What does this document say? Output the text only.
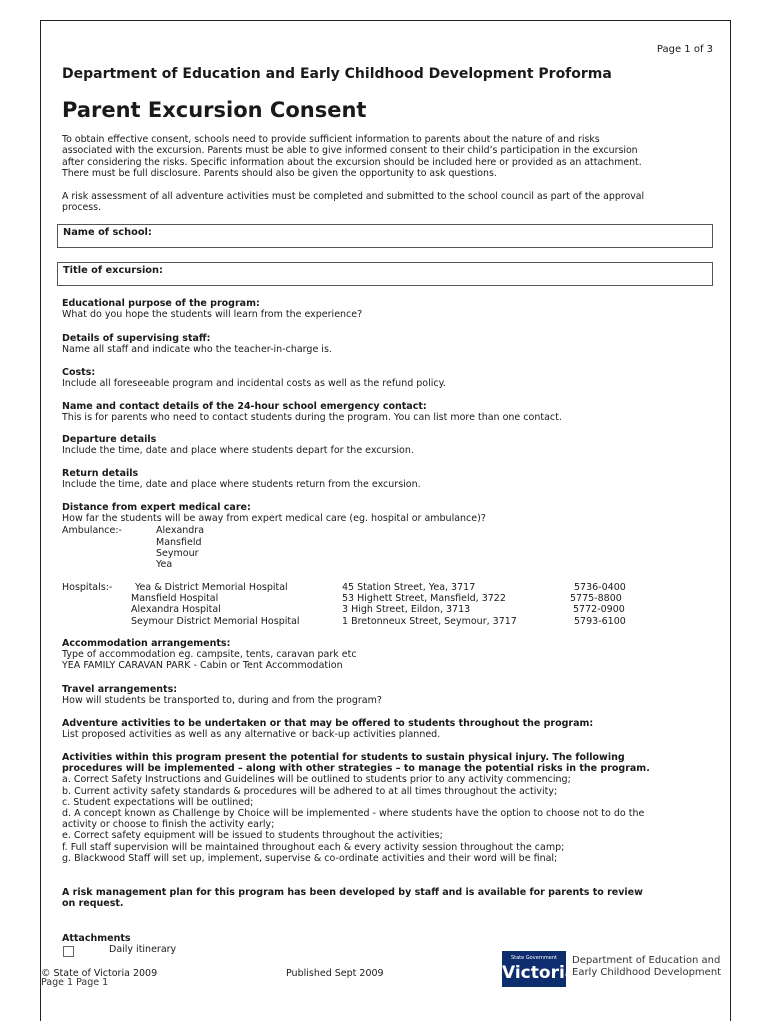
Page 1 of 3
Department of Education and Early Childhood Development Proforma
Parent Excursion Consent
To obtain effective consent, schools need to provide sufficient information to parents about the nature of and risks
associated with the excursion. Parents must be able to give informed consent to their child’s participation in the excursion
after considering the risks. Specific information about the excursion should be included here or provided as an attachment.
There must be full disclosure. Parents should also be given the opportunity to ask questions.
A risk assessment of all adventure activities must be completed and submitted to the school council as part of the approval
process.
Name of school:
Title of excursion:
Educational purpose of the program:
What do you hope the students will learn from the experience?
Details of supervising staff:
Name all staff and indicate who the teacher-in-charge is.
Costs:
Include all foreseeable program and incidental costs as well as the refund policy.
Name and contact details of the 24-hour school emergency contact:
This is for parents who need to contact students during the program. You can list more than one contact.
Departure details
Include the time, date and place where students depart for the excursion.
Return details
Include the time, date and place where students return from the excursion.
Distance from expert medical care:
How far the students will be away from expert medical care (eg. hospital or ambulance)?
Ambulance:-	Alexandra
Mansfield
Seymour
Yea
Hospitals:- Yea & District Memorial Hospital	45 Station Street, Yea, 3717	5736-0400
Mansfield Hospital	53 Highett Street, Mansfield, 3722	5775-8800
Alexandra Hospital	3 High Street, Eildon, 3713	5772-0900
Seymour District Memorial Hospital	1 Bretonneux Street, Seymour, 3717	5793-6100
Accommodation arrangements:
Type of accommodation eg. campsite, tents, caravan park etc
YEA FAMILY CARAVAN PARK - Cabin or Tent Accommodation
Travel arrangements:
How will students be transported to, during and from the program?
Adventure activities to be undertaken or that may be offered to students throughout the program:
List proposed activities as well as any alternative or back-up activities planned.
Activities within this program present the potential for students to sustain physical injury. The following
procedures will be implemented – along with other strategies – to manage the potential risks in the program.
a. Correct Safety Instructions and Guidelines will be outlined to students prior to any activity commencing;
b. Current activity safety standards & procedures will be adhered to at all times throughout the activity;
c. Student expectations will be outlined;
d. A concept known as Challenge by Choice will be implemented - where students have the option to choose not to do the
activity or choose to finish the activity early;
e. Correct safety equipment will be issued to students throughout the activities;
f. Full staff supervision will be maintained throughout each & every activity session throughout the camp;
g. Blackwood Staff will set up, implement, supervise & co-ordinate activities and their word will be final;
A risk management plan for this program has been developed by staff and is available for parents to review
on request.
Attachments
Daily itinerary
© State of Victoria 2009
Page 1 Page 1
Published Sept 2009
State Government
Victoria
Department of Education and
Early Childhood Development
